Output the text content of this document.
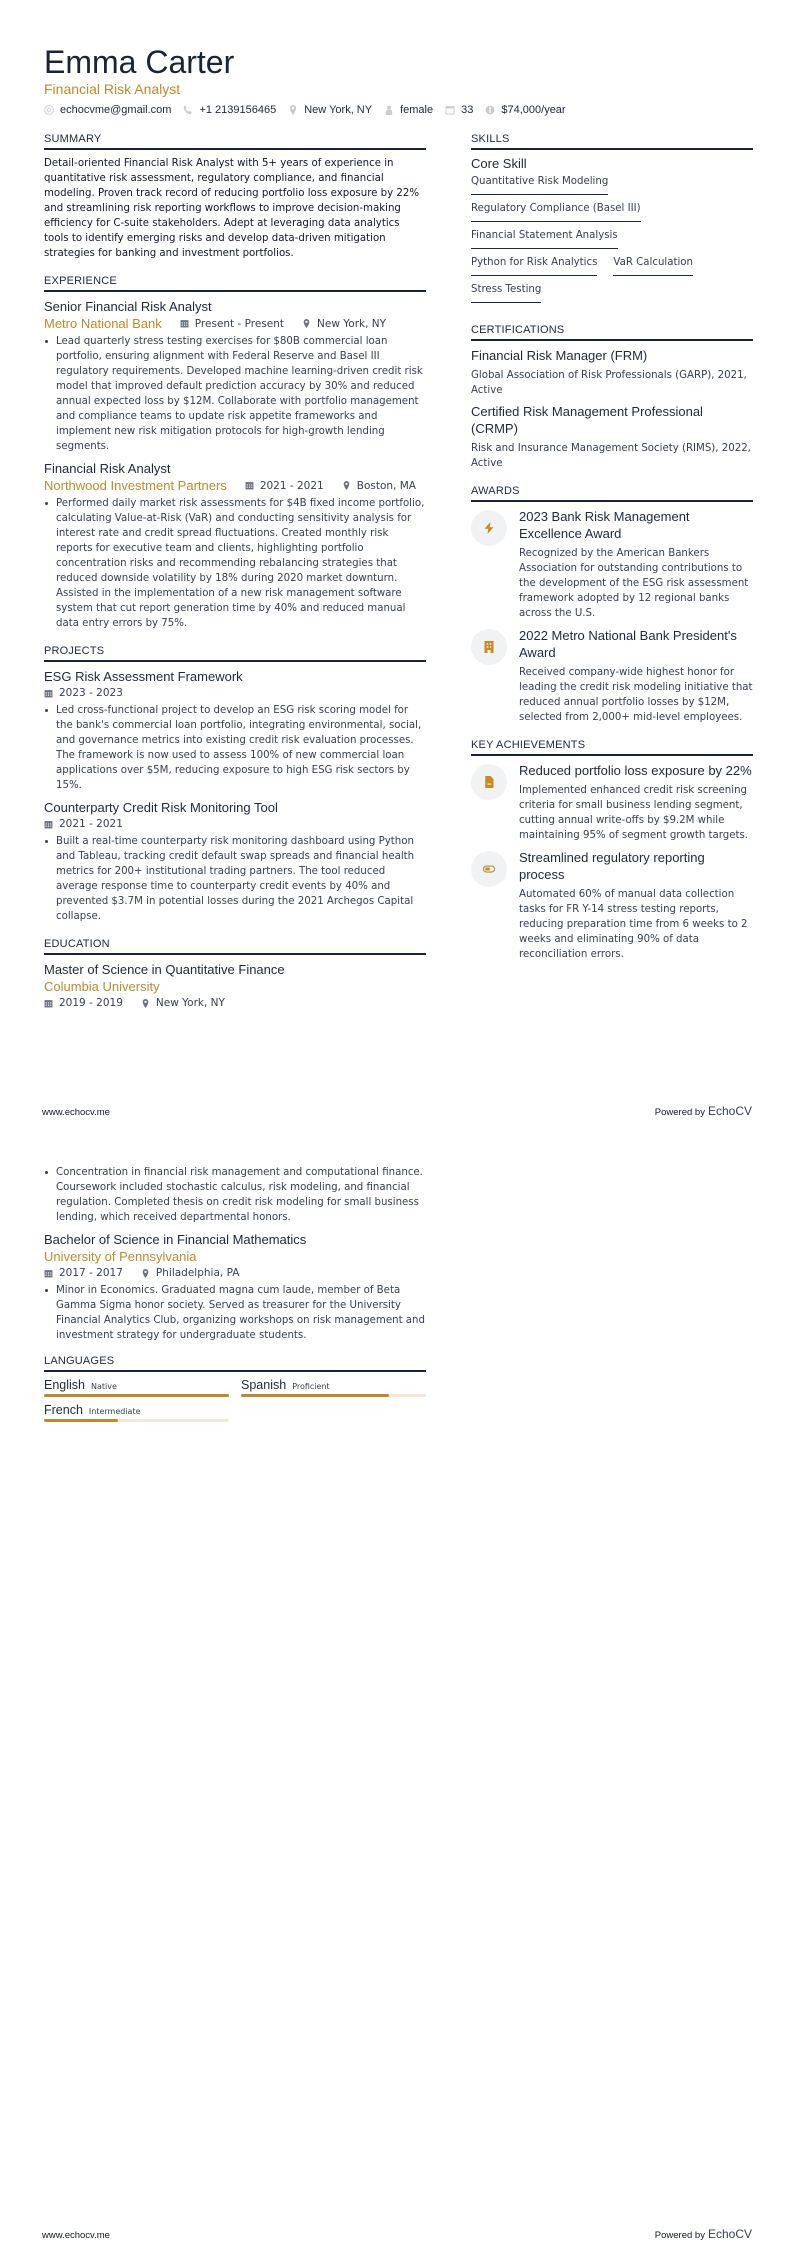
Emma Carter
Financial Risk Analyst
echocvme@gmail.com	+1 2139156465	New York, NY	female	33	$74,000/year
SUMMARY
Detail-oriented Financial Risk Analyst with 5+ years of experience in quantitative risk assessment, regulatory compliance, and financial modeling. Proven track record of reducing portfolio loss exposure by 22% and streamlining risk reporting workflows to improve decision-making efficiency for C-suite stakeholders. Adept at leveraging data analytics tools to identify emerging risks and develop data-driven mitigation strategies for banking and investment portfolios.
EXPERIENCE
Senior Financial Risk Analyst
Metro National Bank	Present - Present	New York, NY
Lead quarterly stress testing exercises for $80B commercial loan portfolio, ensuring alignment with Federal Reserve and Basel III regulatory requirements. Developed machine learning-driven credit risk model that improved default prediction accuracy by 30% and reduced annual expected loss by $12M. Collaborate with portfolio management and compliance teams to update risk appetite frameworks and implement new risk mitigation protocols for high-growth lending segments.
Financial Risk Analyst
Northwood Investment Partners	2021 - 2021	Boston, MA
Performed daily market risk assessments for $4B fixed income portfolio, calculating Value-at-Risk (VaR) and conducting sensitivity analysis for interest rate and credit spread fluctuations. Created monthly risk reports for executive team and clients, highlighting portfolio concentration risks and recommending rebalancing strategies that reduced downside volatility by 18% during 2020 market downturn. Assisted in the implementation of a new risk management software system that cut report generation time by 40% and reduced manual data entry errors by 75%.
PROJECTS
ESG Risk Assessment Framework
2023 - 2023
Led cross-functional project to develop an ESG risk scoring model for the bank's commercial loan portfolio, integrating environmental, social, and governance metrics into existing credit risk evaluation processes. The framework is now used to assess 100% of new commercial loan applications over $5M, reducing exposure to high ESG risk sectors by 15%.
Counterparty Credit Risk Monitoring Tool
2021 - 2021
Built a real-time counterparty risk monitoring dashboard using Python and Tableau, tracking credit default swap spreads and financial health metrics for 200+ institutional trading partners. The tool reduced average response time to counterparty credit events by 40% and prevented $3.7M in potential losses during the 2021 Archegos Capital collapse.
EDUCATION
Master of Science in Quantitative Finance
Columbia University
2019 - 2019	New York, NY
SKILLS
Core Skill
Quantitative Risk Modeling
Regulatory Compliance (Basel III)
Financial Statement Analysis
Python for Risk Analytics VaR Calculation
Stress Testing
CERTIFICATIONS
Financial Risk Manager (FRM)
Global Association of Risk Professionals (GARP), 2021, Active
Certified Risk Management Professional (CRMP)
Risk and Insurance Management Society (RIMS), 2022, Active
AWARDS
2023 Bank Risk Management Excellence Award
Recognized by the American Bankers Association for outstanding contributions to the development of the ESG risk assessment framework adopted by 12 regional banks across the U.S.
2022 Metro National Bank President's Award
Received company-wide highest honor for leading the credit risk modeling initiative that reduced annual portfolio losses by $12M, selected from 2,000+ mid-level employees.
KEY ACHIEVEMENTS
Reduced portfolio loss exposure by 22%
Implemented enhanced credit risk screening criteria for small business lending segment, cutting annual write-offs by $9.2M while maintaining 95% of segment growth targets.
Streamlined regulatory reporting process
Automated 60% of manual data collection tasks for FR Y-14 stress testing reports, reducing preparation time from 6 weeks to 2 weeks and eliminating 90% of data reconciliation errors.
www.echocv.me	Powered by EchoCV
Concentration in financial risk management and computational finance. Coursework included stochastic calculus, risk modeling, and financial regulation. Completed thesis on credit risk modeling for small business lending, which received departmental honors.
Bachelor of Science in Financial Mathematics
University of Pennsylvania
2017 - 2017	Philadelphia, PA
Minor in Economics. Graduated magna cum laude, member of Beta Gamma Sigma honor society. Served as treasurer for the University Financial Analytics Club, organizing workshops on risk management and investment strategy for undergraduate students.
LANGUAGES
English Native	Spanish Proficient
French Intermediate
www.echocv.me	Powered by EchoCV
